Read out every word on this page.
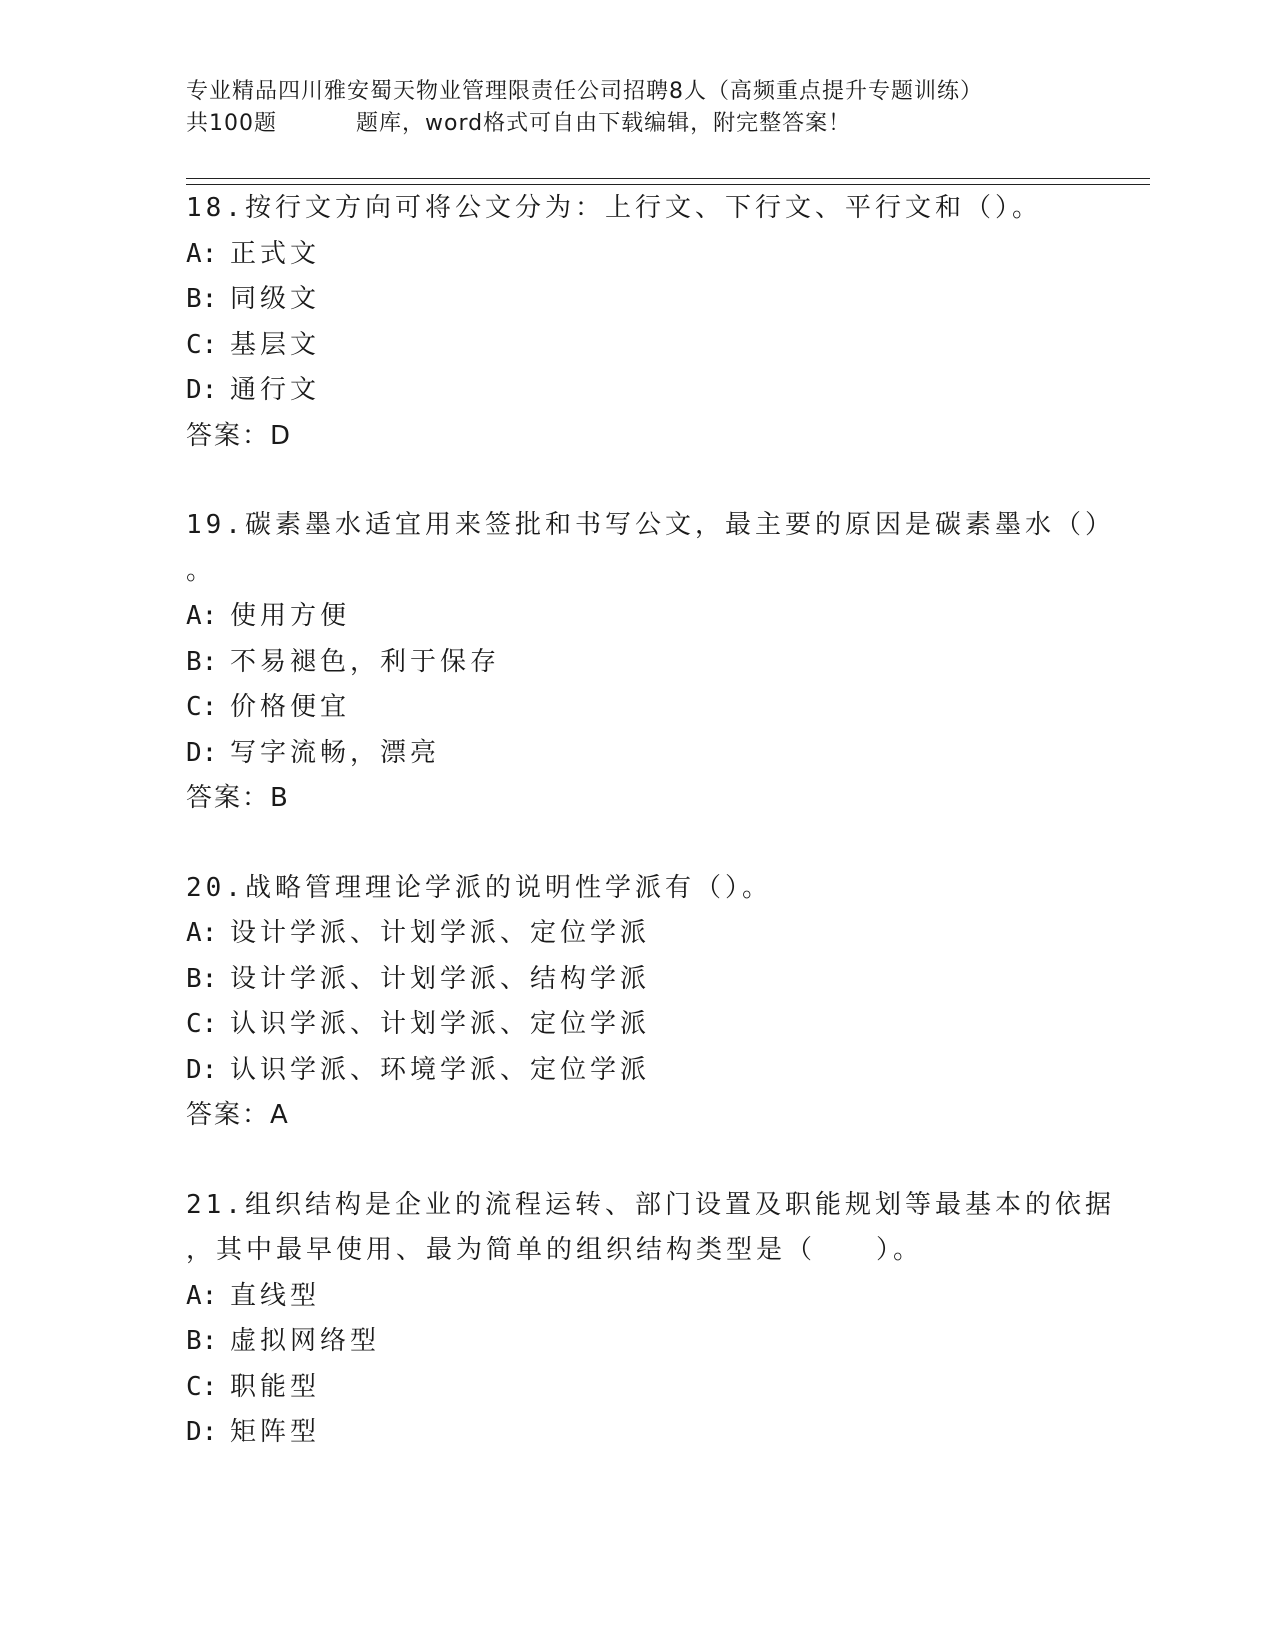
专业精品四川雅安蜀天物业管理限责任公司招聘8人（高频重点提升专题训练）
共100题	题库，word格式可自由下载编辑，附完整答案！

18.按行文方向可将公文分为：上行文、下行文、平行文和（）。

A: 正式文

B: 同级文

C: 基层文

D: 通行文

答案：D

19.碳素墨水适宜用来签批和书写公文，最主要的原因是碳素墨水（）
。

A: 使用方便

B: 不易褪色，利于保存

C: 价格便宜

D: 写字流畅，漂亮

答案：B

20.战略管理理论学派的说明性学派有（）。

A: 设计学派、计划学派、定位学派

B: 设计学派、计划学派、结构学派

C: 认识学派、计划学派、定位学派

D: 认识学派、环境学派、定位学派

答案：A

21.组织结构是企业的流程运转、部门设置及职能规划等最基本的依据
，其中最早使用、最为简单的组织结构类型是（　　）。

A: 直线型

B: 虚拟网络型

C: 职能型

D: 矩阵型
